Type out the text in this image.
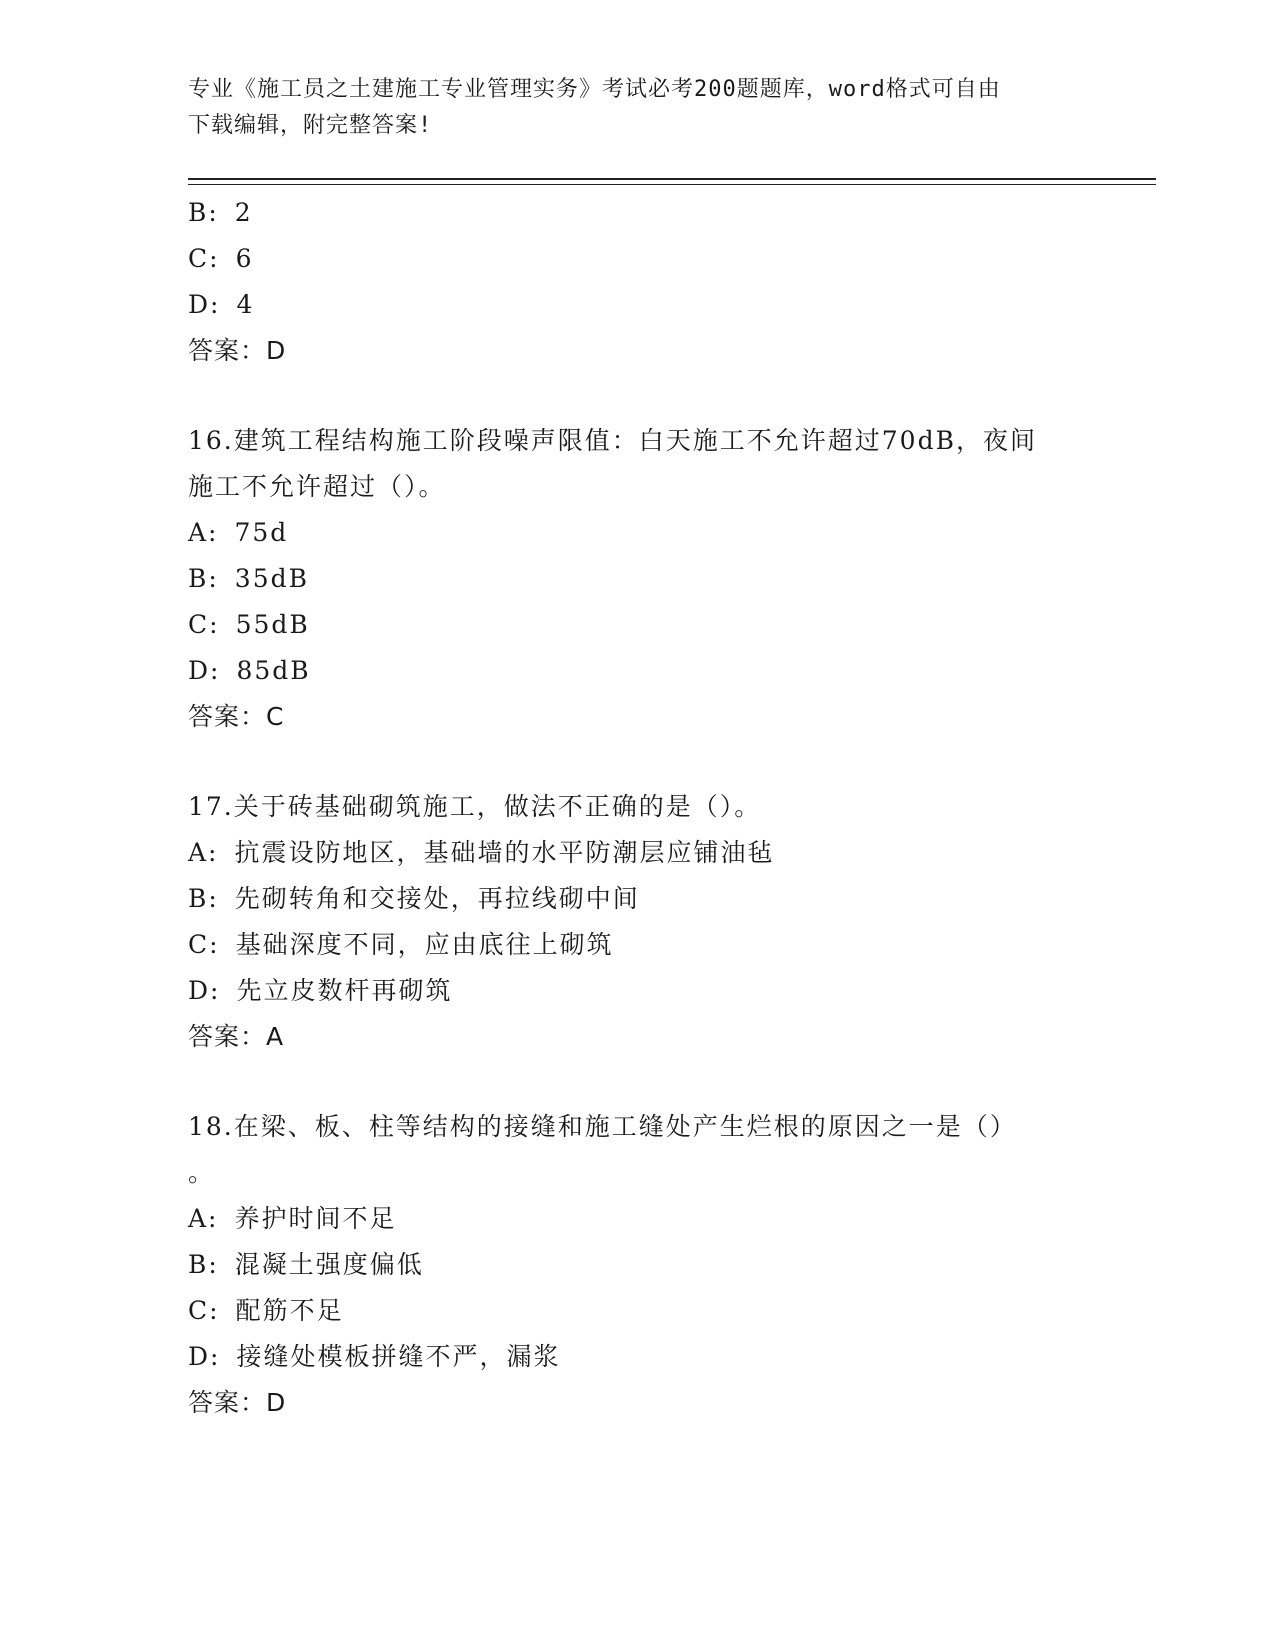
专业《施工员之土建施工专业管理实务》考试必考200题题库，word格式可自由
下载编辑，附完整答案!
B: 2
C: 6
D: 4
答案：D
16.建筑工程结构施工阶段噪声限值：白天施工不允许超过70dB，夜间
施工不允许超过（）。
A: 75d
B: 35dB
C: 55dB
D: 85dB
答案：C
17.关于砖基础砌筑施工，做法不正确的是（）。
A: 抗震设防地区，基础墙的水平防潮层应铺油毡
B: 先砌转角和交接处，再拉线砌中间
C: 基础深度不同，应由底往上砌筑
D: 先立皮数杆再砌筑
答案：A
18.在梁、板、柱等结构的接缝和施工缝处产生烂根的原因之一是（）
。
A: 养护时间不足
B: 混凝土强度偏低
C: 配筋不足
D: 接缝处模板拼缝不严，漏浆
答案：D
